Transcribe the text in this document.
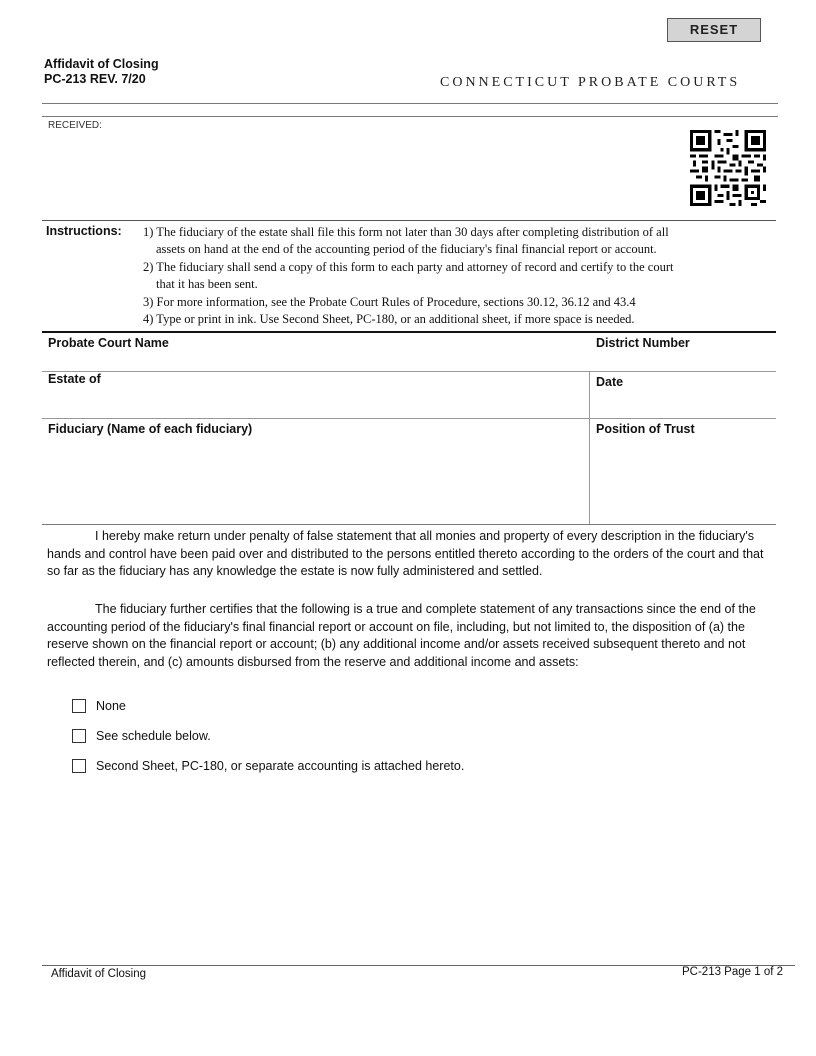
RESET
Affidavit of Closing
PC-213 REV. 7/20	CONNECTICUT PROBATE COURTS
RECEIVED:
Instructions: 1) The fiduciary of the estate shall file this form not later than 30 days after completing distribution of all
assets on hand at the end of the accounting period of the fiduciary's final financial report or account.
2) The fiduciary shall send a copy of this form to each party and attorney of record and certify to the court
that it has been sent.
3) For more information, see the Probate Court Rules of Procedure, sections 30.12, 36.12 and 43.4
4) Type or print in ink. Use Second Sheet, PC-180, or an additional sheet, if more space is needed.
Probate Court Name	District Number
Estate of	Date
Fiduciary (Name of each fiduciary)	Position of Trust
I hereby make return under penalty of false statement that all monies and property of every description in the fiduciary's hands and control have been paid over and distributed to the persons entitled thereto according to the orders of the court and that so far as the fiduciary has any knowledge the estate is now fully administered and settled.
The fiduciary further certifies that the following is a true and complete statement of any transactions since the end of the accounting period of the fiduciary's final financial report or account on file, including, but not limited to, the disposition of (a) the reserve shown on the financial report or account; (b) any additional income and/or assets received subsequent thereto and not reflected therein, and (c) amounts disbursed from the reserve and additional income and assets:
None
See schedule below.
Second Sheet, PC-180, or separate accounting is attached hereto.
Affidavit of Closing	PC-213 Page 1 of 2
